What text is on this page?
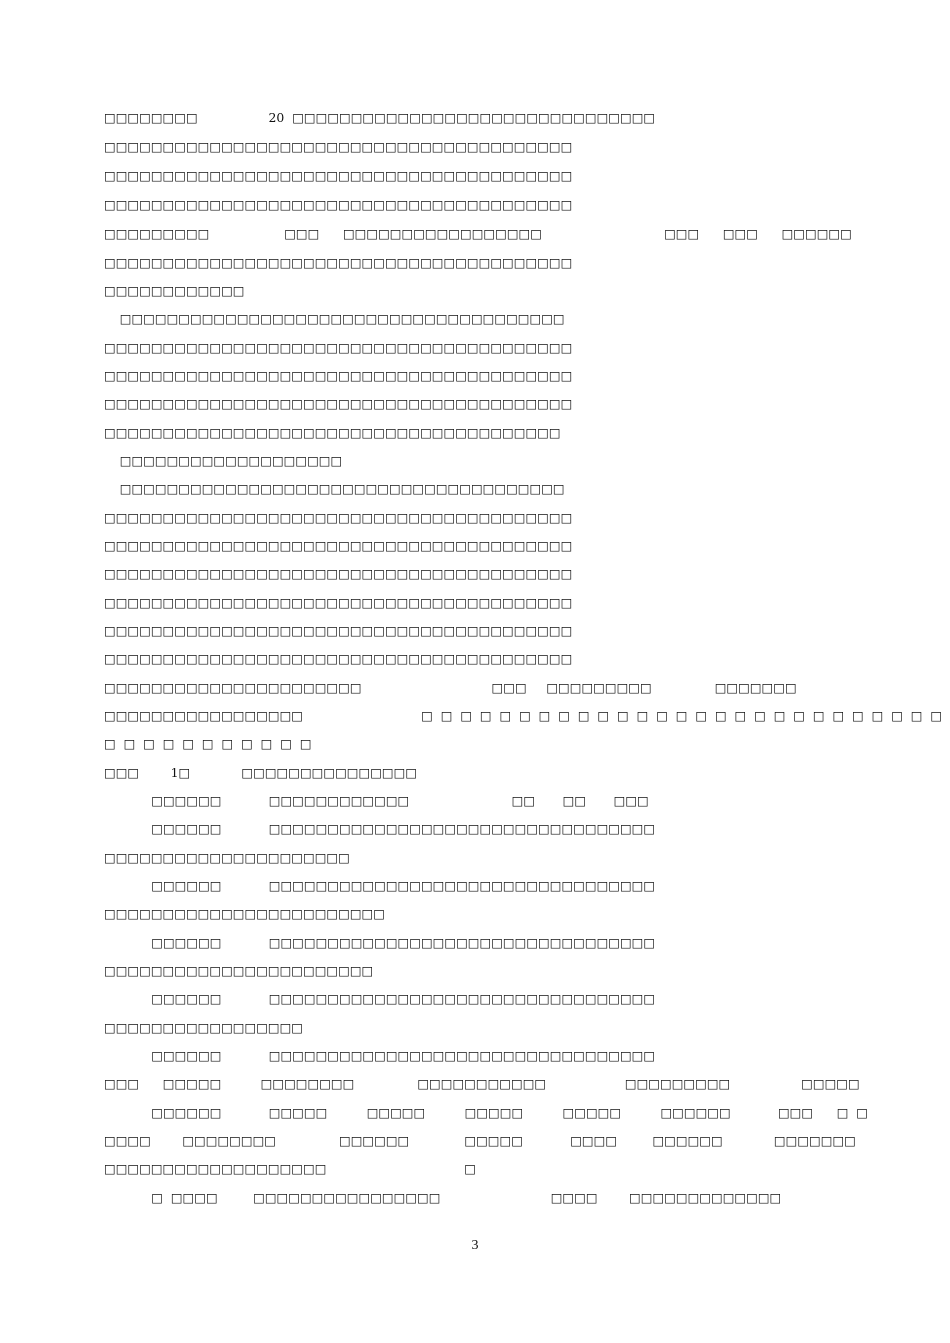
□□□□□□□□                  20  □□□□□□□□□□□□□□□□□□□□□□□□□□□□□□□
□□□□□□□□□□□□□□□□□□□□□□□□□□□□□□□□□□□□□□□□
□□□□□□□□□□□□□□□□□□□□□□□□□□□□□□□□□□□□□□□□
□□□□□□□□□□□□□□□□□□□□□□□□□□□□□□□□□□□□□□□□
□□□□□□□□□                   □□□      □□□□□□□□□□□□□□□□□                               □□□      □□□      □□□□□□
□□□□□□□□□□□□□□□□□□□□□□□□□□□□□□□□□□□□□□□□
□□□□□□□□□□□□
□□□□□□□□□□□□□□□□□□□□□□□□□□□□□□□□□□□□□□
□□□□□□□□□□□□□□□□□□□□□□□□□□□□□□□□□□□□□□□□
□□□□□□□□□□□□□□□□□□□□□□□□□□□□□□□□□□□□□□□□
□□□□□□□□□□□□□□□□□□□□□□□□□□□□□□□□□□□□□□□□
□□□□□□□□□□□□□□□□□□□□□□□□□□□□□□□□□□□□□□□
□□□□□□□□□□□□□□□□□□□
□□□□□□□□□□□□□□□□□□□□□□□□□□□□□□□□□□□□□□
□□□□□□□□□□□□□□□□□□□□□□□□□□□□□□□□□□□□□□□□
□□□□□□□□□□□□□□□□□□□□□□□□□□□□□□□□□□□□□□□□
□□□□□□□□□□□□□□□□□□□□□□□□□□□□□□□□□□□□□□□□
□□□□□□□□□□□□□□□□□□□□□□□□□□□□□□□□□□□□□□□□
□□□□□□□□□□□□□□□□□□□□□□□□□□□□□□□□□□□□□□□□
□□□□□□□□□□□□□□□□□□□□□□□□□□□□□□□□□□□□□□□□
□□□□□□□□□□□□□□□□□□□□□□                                 □□□     □□□□□□□□□                □□□□□□□
□□□□□□□□□□□□□□□□□                              □  □  □  □  □  □  □  □  □  □  □  □  □  □  □  □  □  □  □  □  □  □  □  □  □  □  □
□  □  □  □  □  □  □  □  □  □  □
□□□        1□             □□□□□□□□□□□□□□□
□□□□□□            □□□□□□□□□□□□                          □□       □□       □□□
□□□□□□            □□□□□□□□□□□□□□□□□□□□□□□□□□□□□□□□□
□□□□□□□□□□□□□□□□□□□□□
□□□□□□            □□□□□□□□□□□□□□□□□□□□□□□□□□□□□□□□□
□□□□□□□□□□□□□□□□□□□□□□□□
□□□□□□            □□□□□□□□□□□□□□□□□□□□□□□□□□□□□□□□□
□□□□□□□□□□□□□□□□□□□□□□□
□□□□□□            □□□□□□□□□□□□□□□□□□□□□□□□□□□□□□□□□
□□□□□□□□□□□□□□□□□
□□□□□□            □□□□□□□□□□□□□□□□□□□□□□□□□□□□□□□□□
□□□      □□□□□          □□□□□□□□                □□□□□□□□□□□                    □□□□□□□□□                  □□□□□
□□□□□□            □□□□□          □□□□□          □□□□□          □□□□□          □□□□□□            □□□      □  □
□□□□        □□□□□□□□                □□□□□□              □□□□□            □□□□         □□□□□□             □□□□□□□
□□□□□□□□□□□□□□□□□□□                                   □
□  □□□□         □□□□□□□□□□□□□□□□                            □□□□        □□□□□□□□□□□□□
3
